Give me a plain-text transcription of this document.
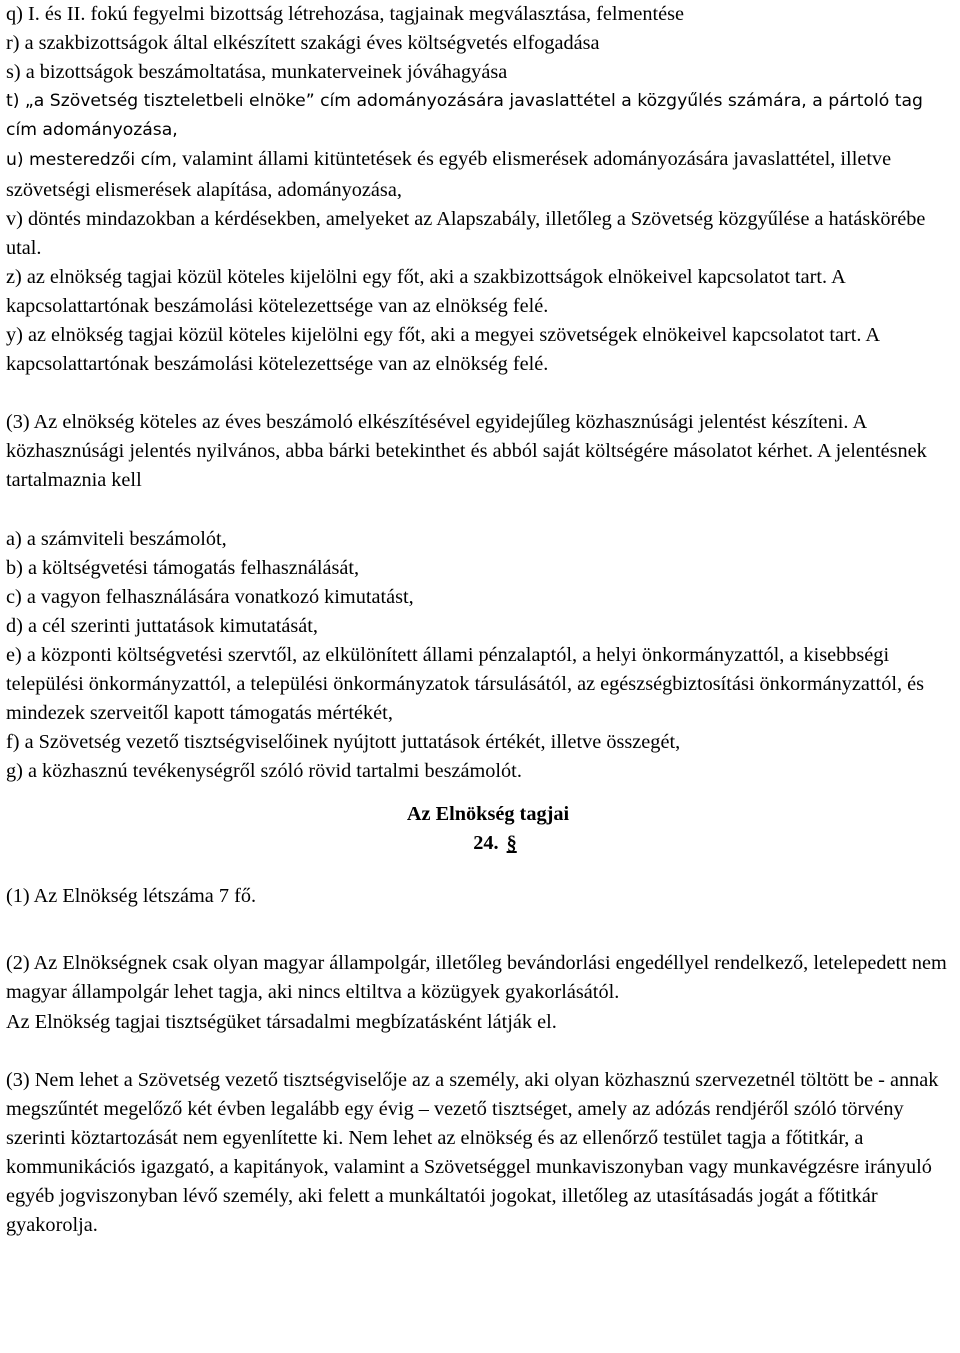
q) I. és II. fokú fegyelmi bizottság létrehozása, tagjainak megválasztása, felmentése

r) a szakbizottságok által elkészített szakági éves költségvetés elfogadása

s) a bizottságok beszámoltatása, munkaterveinek jóváhagyása

t) „a Szövetség tiszteletbeli elnöke” cím adományozására javaslattétel a közgyűlés számára, a pártoló tag cím adományozása,

u) mesteredzői cím, valamint állami kitüntetések és egyéb elismerések adományozására javaslattétel, illetve szövetségi elismerések alapítása, adományozása,

v) döntés mindazokban a kérdésekben, amelyeket az Alapszabály, illetőleg a Szövetség közgyűlése a hatáskörébe utal.

z) az elnökség tagjai közül köteles kijelölni egy főt, aki a szakbizottságok elnökeivel kapcsolatot tart. A kapcsolattartónak beszámolási kötelezettsége van az elnökség felé.

y) az elnökség tagjai közül köteles kijelölni egy főt, aki a megyei szövetségek elnökeivel kapcsolatot tart. A kapcsolattartónak beszámolási kötelezettsége van az elnökség felé.

(3) Az elnökség köteles az éves beszámoló elkészítésével egyidejűleg közhasznúsági jelentést készíteni. A közhasznúsági jelentés nyilvános, abba bárki betekinthet és abból saját költségére másolatot kérhet. A jelentésnek tartalmaznia kell

a) a számviteli beszámolót,

b) a költségvetési támogatás felhasználását,

c) a vagyon felhasználására vonatkozó kimutatást,

d) a cél szerinti juttatások kimutatását,

e) a központi költségvetési szervtől, az elkülönített állami pénzalaptól, a helyi önkormányzattól, a kisebbségi települési önkormányzattól, a települési önkormányzatok társulásától, az egészségbiztosítási önkormányzattól, és mindezek szerveitől kapott támogatás mértékét,

f) a Szövetség vezető tisztségviselőinek nyújtott juttatások értékét, illetve összegét,

g) a közhasznú tevékenységről szóló rövid tartalmi beszámolót.

Az Elnökség tagjai
24. §

(1) Az Elnökség létszáma 7 fő.

(2) Az Elnökségnek csak olyan magyar állampolgár, illetőleg bevándorlási engedéllyel rendelkező, letelepedett nem magyar állampolgár lehet tagja, aki nincs eltiltva a közügyek gyakorlásától.

Az Elnökség tagjai tisztségüket társadalmi megbízatásként látják el.

(3) Nem lehet a Szövetség vezető tisztségviselője az a személy, aki olyan közhasznú szervezetnél töltött be - annak megszűntét megelőző két évben legalább egy évig – vezető tisztséget, amely az adózás rendjéről szóló törvény szerinti köztartozását nem egyenlítette ki. Nem lehet az elnökség és az ellenőrző testület tagja a főtitkár, a kommunikációs igazgató, a kapitányok, valamint a Szövetséggel munkaviszonyban vagy munkavégzésre irányuló egyéb jogviszonyban lévő személy, aki felett a munkáltatói jogokat, illetőleg az utasításadás jogát a főtitkár gyakorolja.
